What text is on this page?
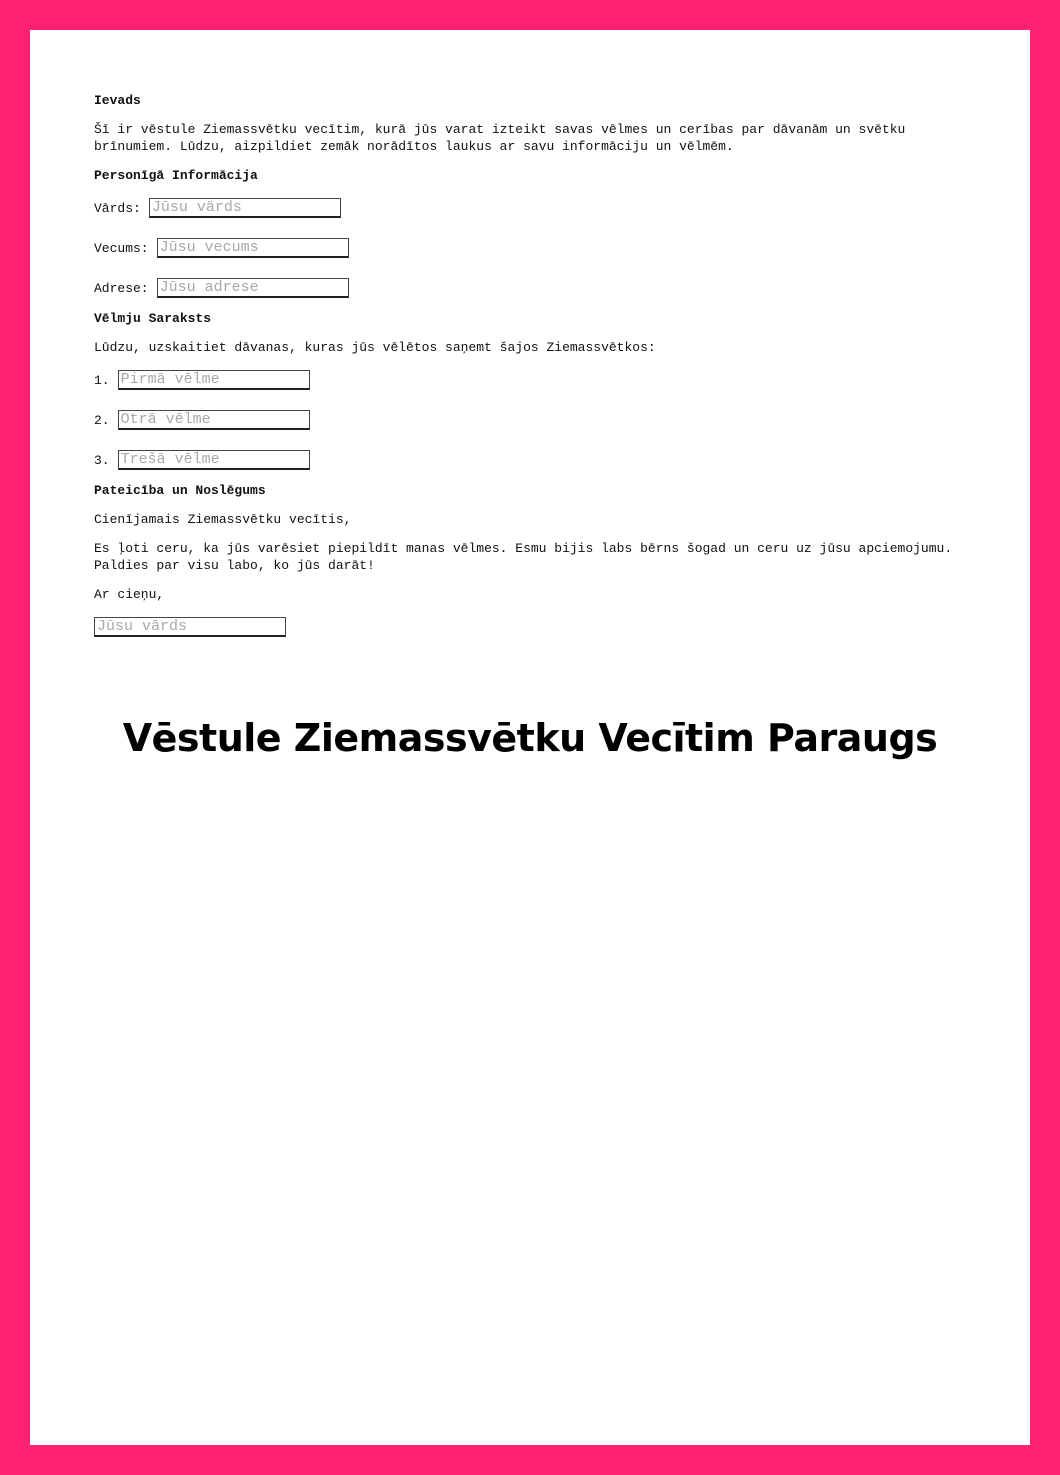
Ievads
Šī ir vēstule Ziemassvētku vecītim, kurā jūs varat izteikt savas vēlmes un cerības par dāvanām un svētku brīnumiem. Lūdzu, aizpildiet zemāk norādītos laukus ar savu informāciju un vēlmēm.
Personīgā Informācija
Vārds:
Jūsu vārds
Vecums:
Jūsu vecums
Adrese:
Jūsu adrese
Vēlmju Saraksts
Lūdzu, uzskaitiet dāvanas, kuras jūs vēlētos saņemt šajos Ziemassvētkos:
1.
Pirmā vēlme
2.
Otrā vēlme
3.
Trešā vēlme
Pateicība un Noslēgums
Cienījamais Ziemassvētku vecītis,
Es ļoti ceru, ka jūs varēsiet piepildīt manas vēlmes. Esmu bijis labs bērns šogad un ceru uz jūsu apciemojumu. Paldies par visu labo, ko jūs darāt!
Ar cieņu,
Jūsu vārds
Vēstule Ziemassvētku Vecītim Paraugs
